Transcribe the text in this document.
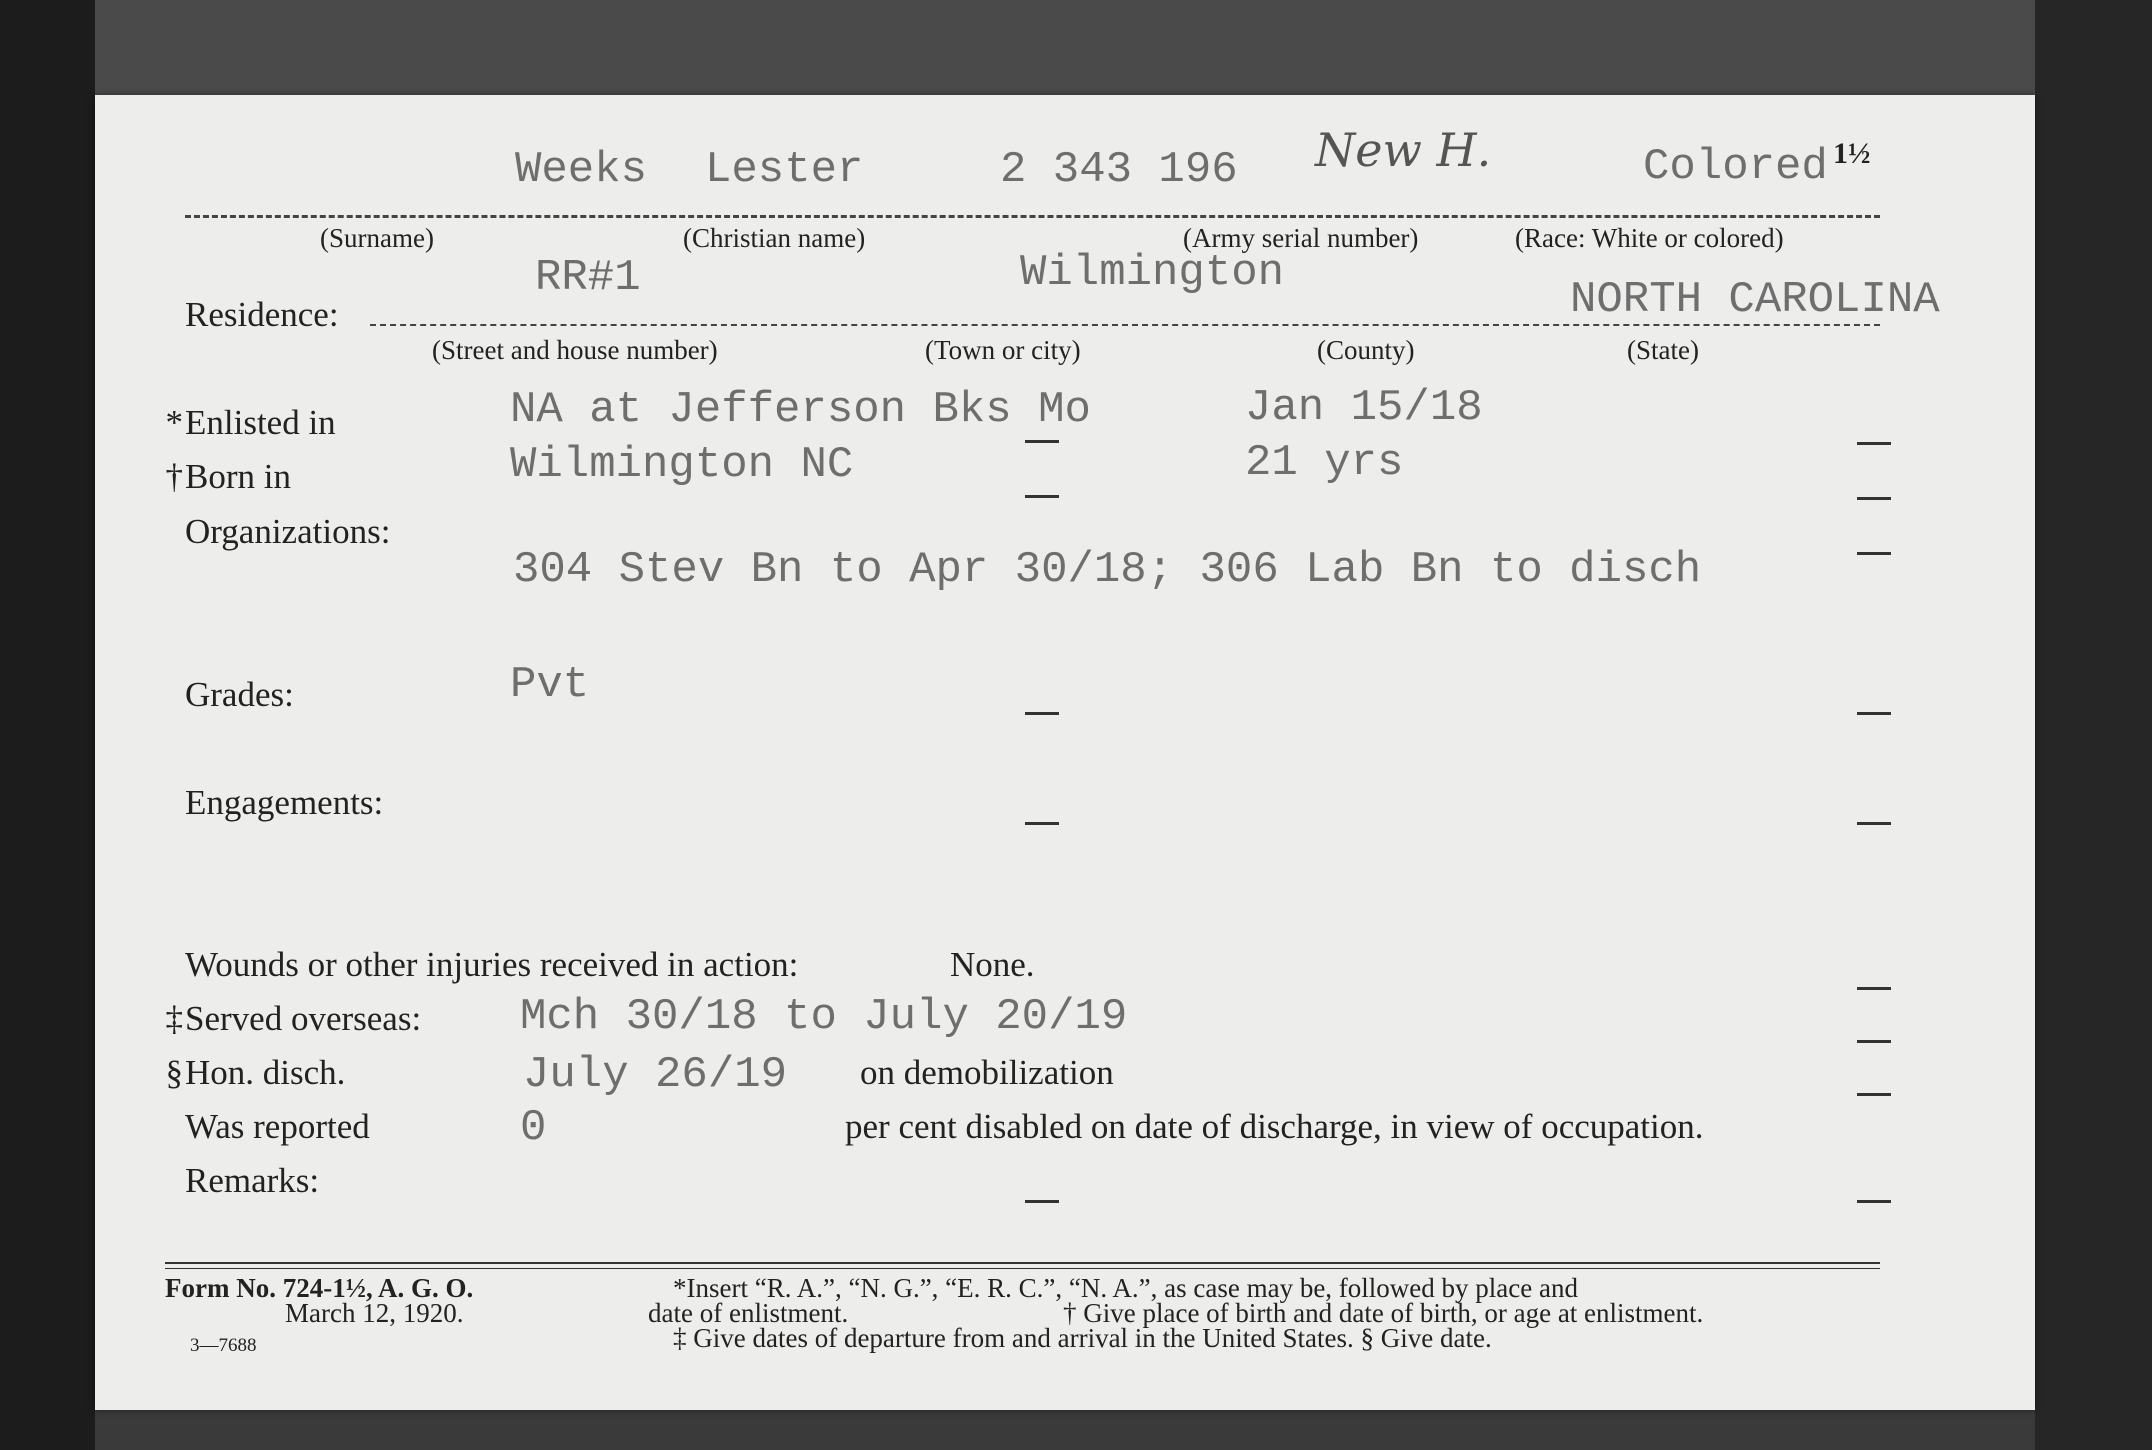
Weeks Lester	2 343 196 New H.	Colored 1½
(Surname)	(Christian name)	(Army serial number)	(Race: White or colored)
RR#1	Wilmington
NORTH CAROLINA
Residence:
(Street and house number)	(Town or city)	(County)	(State)
*Enlisted in	NA at Jefferson Bks Mo	Jan 15/18
†Born in	Wilmington NC	21 yrs
Organizations:
304 Stev Bn to Apr 30/18; 306 Lab Bn to disch
Grades:	Pvt
Engagements:
Wounds or other injuries received in action:	None.
‡Served overseas: Mch 30/18 to July 20/19
§Hon. disch.	July 26/19 on demobilization
Was reported	0	per cent disabled on date of discharge, in view of occupation.
Remarks:
Form No. 724-1½, A. G. O.
March 12, 1920.
3—7688
*Insert “R. A.”, “N. G.”, “E. R. C.”, “N. A.”, as case may be, followed by place and
date of enlistment.	† Give place of birth and date of birth, or age at enlistment.
‡ Give dates of departure from and arrival in the United States. § Give date.
